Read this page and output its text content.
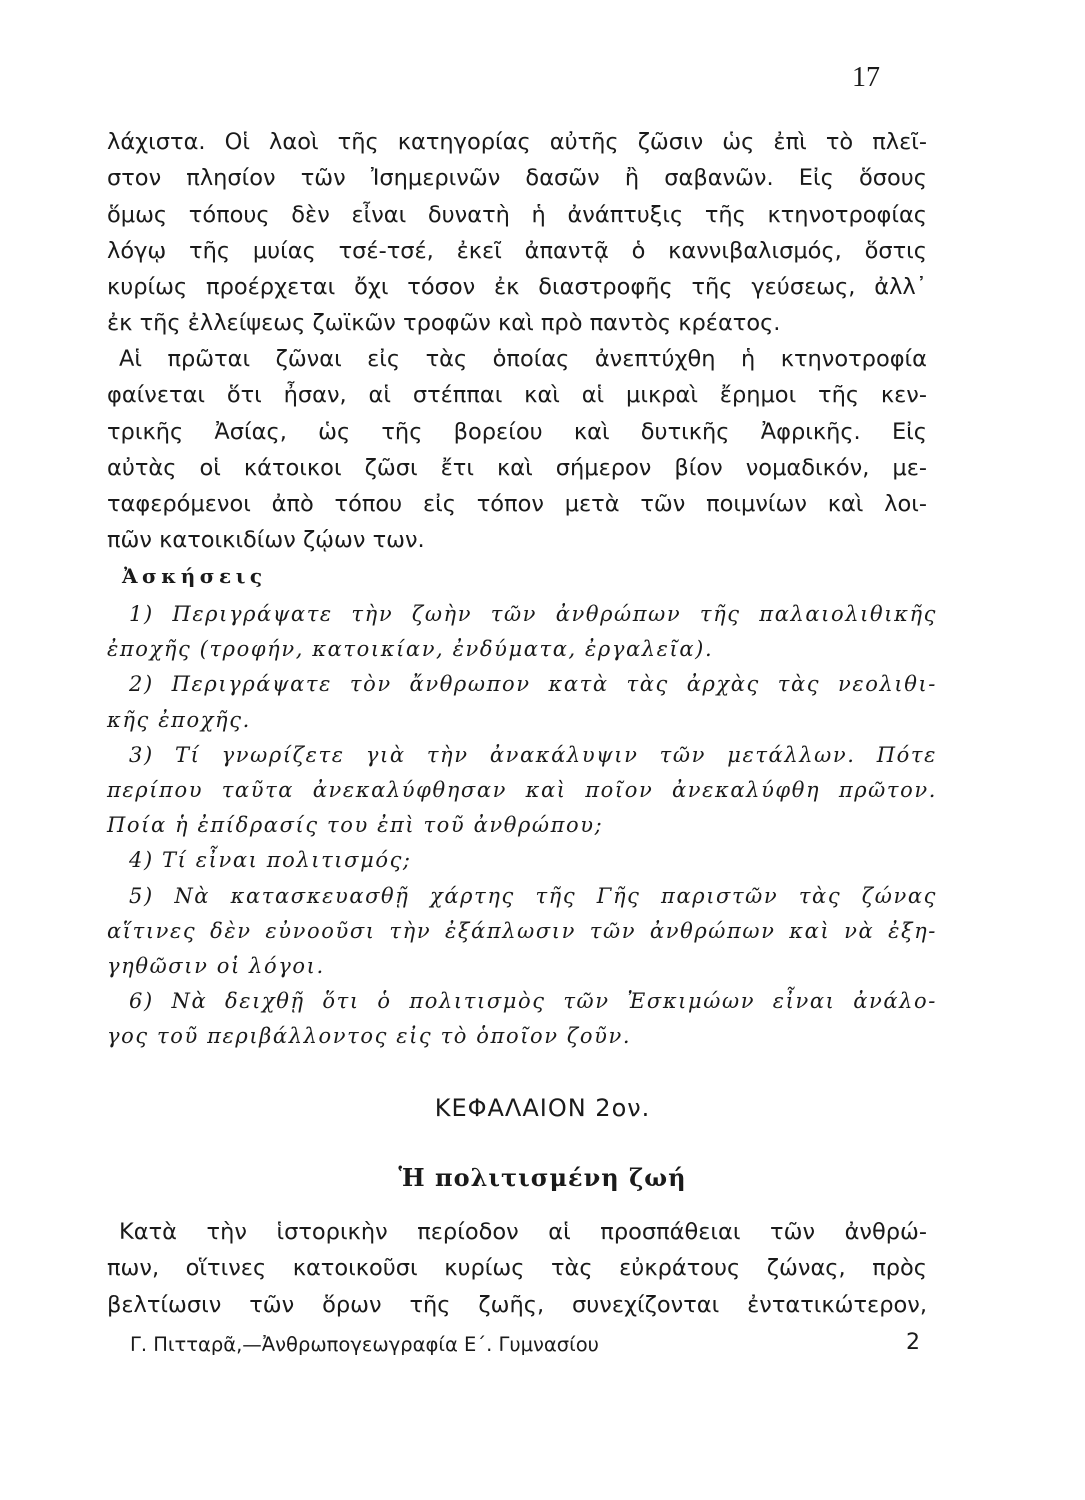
17
λάχιστα. Οἱ λαοὶ τῆς κατηγορίας αὐτῆς ζῶσιν ὡς ἐπὶ τὸ πλεῖ-
στον πλησίον τῶν Ἰσημερινῶν δασῶν ἢ σαβανῶν. Εἰς ὅσους
ὅμως τόπους δὲν εἶναι δυνατὴ ἡ ἀνάπτυξις τῆς κτηνοτροφίας
λόγῳ τῆς μυίας τσέ-τσέ, ἐκεῖ ἀπαντᾷ ὁ καννιβαλισμός, ὅστις
κυρίως προέρχεται ὄχι τόσον ἐκ διαστροφῆς τῆς γεύσεως, ἀλλ᾽
ἐκ τῆς ἐλλείψεως ζωϊκῶν τροφῶν καὶ πρὸ παντὸς κρέατος.
Αἱ πρῶται ζῶναι εἰς τὰς ὁποίας ἀνεπτύχθη ἡ κτηνοτροφία
φαίνεται ὅτι ἦσαν, αἱ στέππαι καὶ αἱ μικραὶ ἔρημοι τῆς κεν-
τρικῆς Ἀσίας, ὡς τῆς βορείου καὶ δυτικῆς Ἀφρικῆς. Εἰς
αὐτὰς οἱ κάτοικοι ζῶσι ἔτι καὶ σήμερον βίον νομαδικόν, με-
ταφερόμενοι ἀπὸ τόπου εἰς τόπον μετὰ τῶν ποιμνίων καὶ λοι-
πῶν κατοικιδίων ζῴων των.
Ἀσκήσεις
1) Περιγράψατε τὴν ζωὴν τῶν ἀνθρώπων τῆς παλαιολιθικῆς
ἐποχῆς (τροφήν, κατοικίαν, ἐνδύματα, ἐργαλεῖα).
2) Περιγράψατε τὸν ἄνθρωπον κατὰ τὰς ἀρχὰς τὰς νεολιθι-
κῆς ἐποχῆς.
3) Τί γνωρίζετε γιὰ τὴν ἀνακάλυψιν τῶν μετάλλων. Πότε
περίπου ταῦτα ἀνεκαλύφθησαν καὶ ποῖον ἀνεκαλύφθη πρῶτον.
Ποία ἡ ἐπίδρασίς του ἐπὶ τοῦ ἀνθρώπου;
4) Τί εἶναι πολιτισμός;
5) Νὰ κατασκευασθῇ χάρτης τῆς Γῆς παριστῶν τὰς ζώνας
αἵτινες δὲν εὐνοοῦσι τὴν ἐξάπλωσιν τῶν ἀνθρώπων καὶ νὰ ἐξη-
γηθῶσιν οἱ λόγοι.
6) Νὰ δειχθῇ ὅτι ὁ πολιτισμὸς τῶν Ἐσκιμώων εἶναι ἀνάλο-
γος τοῦ περιβάλλοντος εἰς τὸ ὁποῖον ζοῦν.
ΚΕΦΑΛΑΙΟΝ 2ον.
Ἡ πολιτισμένη ζωή
Κατὰ τὴν ἱστορικὴν περίοδον αἱ προσπάθειαι τῶν ἀνθρώ-
πων, οἵτινες κατοικοῦσι κυρίως τὰς εὐκράτους ζώνας, πρὸς
βελτίωσιν τῶν ὅρων τῆς ζωῆς, συνεχίζονται ἐντατικώτερον,
Γ. Πιτταρᾶ,—Ἀνθρωπογεωγραφία Ε΄. Γυμνασίου	2
